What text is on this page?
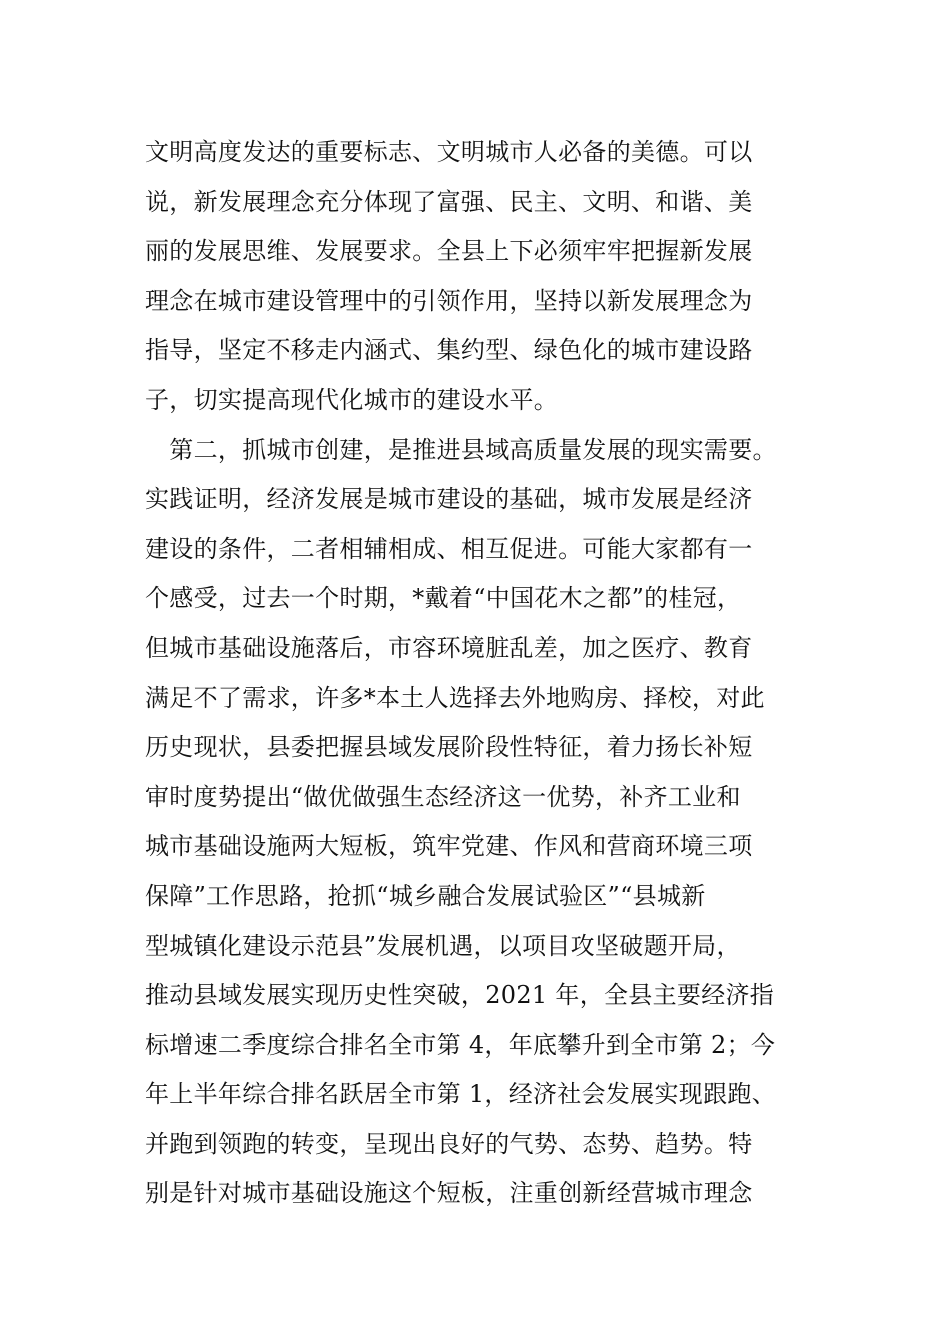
文明高度发达的重要标志、文明城市人必备的美德。可以
说，新发展理念充分体现了富强、民主、文明、和谐、美
丽的发展思维、发展要求。全县上下必须牢牢把握新发展
理念在城市建设管理中的引领作用，坚持以新发展理念为
指导，坚定不移走内涵式、集约型、绿色化的城市建设路
子，切实提高现代化城市的建设水平。
　第二，抓城市创建，是推进县域高质量发展的现实需要。
实践证明，经济发展是城市建设的基础，城市发展是经济
建设的条件，二者相辅相成、相互促进。可能大家都有一
个感受，过去一个时期，*戴着“中国花木之都”的桂冠，
但城市基础设施落后，市容环境脏乱差，加之医疗、教育
满足不了需求，许多*本土人选择去外地购房、择校，对此
历史现状，县委把握县域发展阶段性特征，着力扬长补短
审时度势提出“做优做强生态经济这一优势，补齐工业和
城市基础设施两大短板，筑牢党建、作风和营商环境三项
保障”工作思路，抢抓“城乡融合发展试验区”“县城新
型城镇化建设示范县”发展机遇，以项目攻坚破题开局，
推动县域发展实现历史性突破，2021 年，全县主要经济指
标增速二季度综合排名全市第 4，年底攀升到全市第 2；今
年上半年综合排名跃居全市第 1，经济社会发展实现跟跑、
并跑到领跑的转变，呈现出良好的气势、态势、趋势。特
别是针对城市基础设施这个短板，注重创新经营城市理念
